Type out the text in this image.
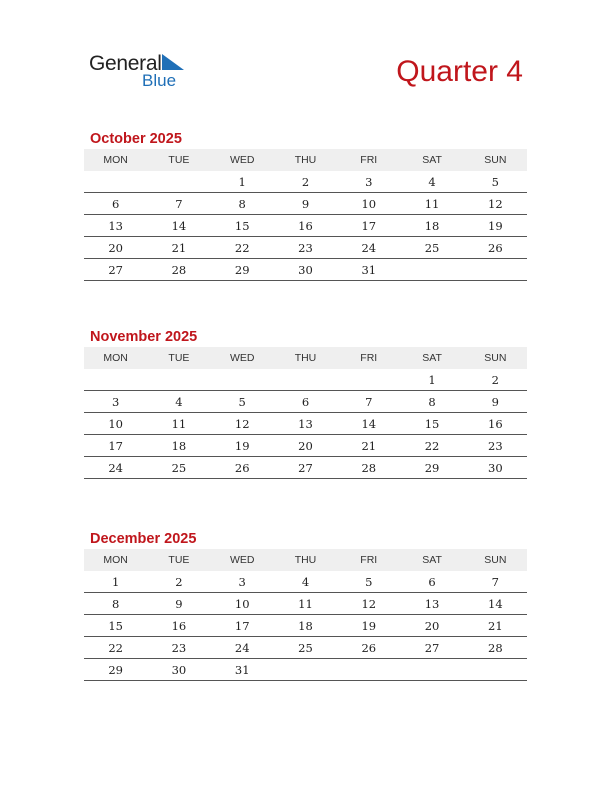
General
Blue	Quarter 4
October 2025
MON	TUE	WED	THU	FRI	SAT	SUN
		1	2	3	4	5
6	7	8	9	10	11	12
13	14	15	16	17	18	19
20	21	22	23	24	25	26
27	28	29	30	31		
November 2025
MON	TUE	WED	THU	FRI	SAT	SUN
					1	2
3	4	5	6	7	8	9
10	11	12	13	14	15	16
17	18	19	20	21	22	23
24	25	26	27	28	29	30
December 2025
MON	TUE	WED	THU	FRI	SAT	SUN
1	2	3	4	5	6	7
8	9	10	11	12	13	14
15	16	17	18	19	20	21
22	23	24	25	26	27	28
29	30	31				
